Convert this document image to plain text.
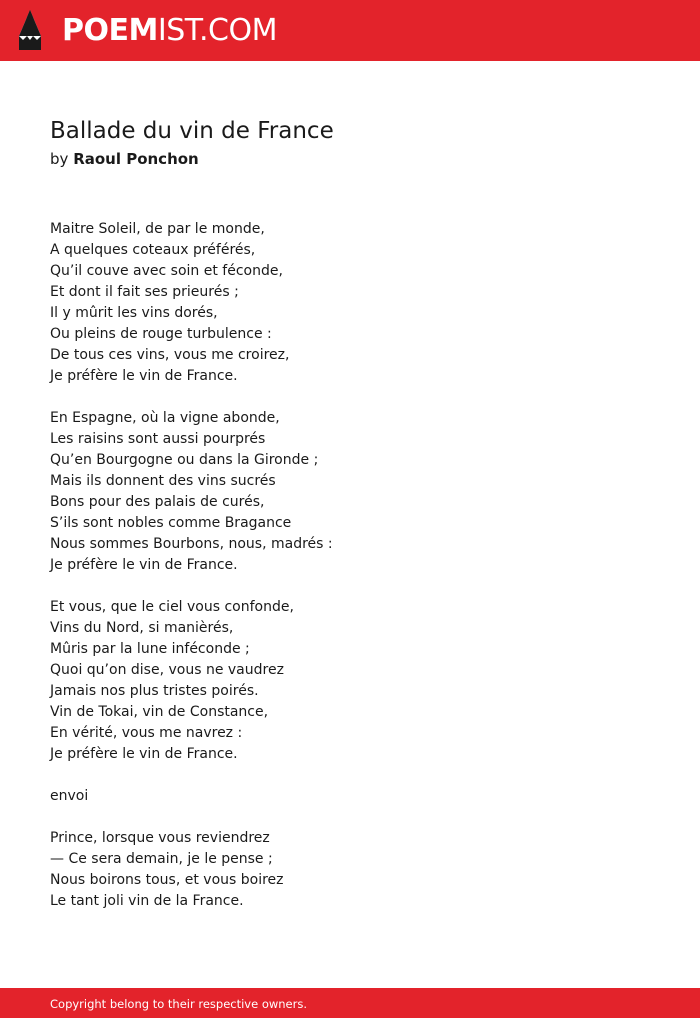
POEMIST.COM
Ballade du vin de France
by Raoul Ponchon
Maitre Soleil, de par le monde,
A quelques coteaux préférés,
Qu’il couve avec soin et féconde,
Et dont il fait ses prieurés ;
Il y mûrit les vins dorés,
Ou pleins de rouge turbulence :
De tous ces vins, vous me croirez,
Je préfère le vin de France.
En Espagne, où la vigne abonde,
Les raisins sont aussi pourprés
Qu’en Bourgogne ou dans la Gironde ;
Mais ils donnent des vins sucrés
Bons pour des palais de curés,
S’ils sont nobles comme Bragance
Nous sommes Bourbons, nous, madrés :
Je préfère le vin de France.
Et vous, que le ciel vous confonde,
Vins du Nord, si manièrés,
Mûris par la lune inféconde ;
Quoi qu’on dise, vous ne vaudrez
Jamais nos plus tristes poirés.
Vin de Tokai, vin de Constance,
En vérité, vous me navrez :
Je préfère le vin de France.
envoi
Prince, lorsque vous reviendrez
— Ce sera demain, je le pense ;
Nous boirons tous, et vous boirez
Le tant joli vin de la France.
Copyright belong to their respective owners.
